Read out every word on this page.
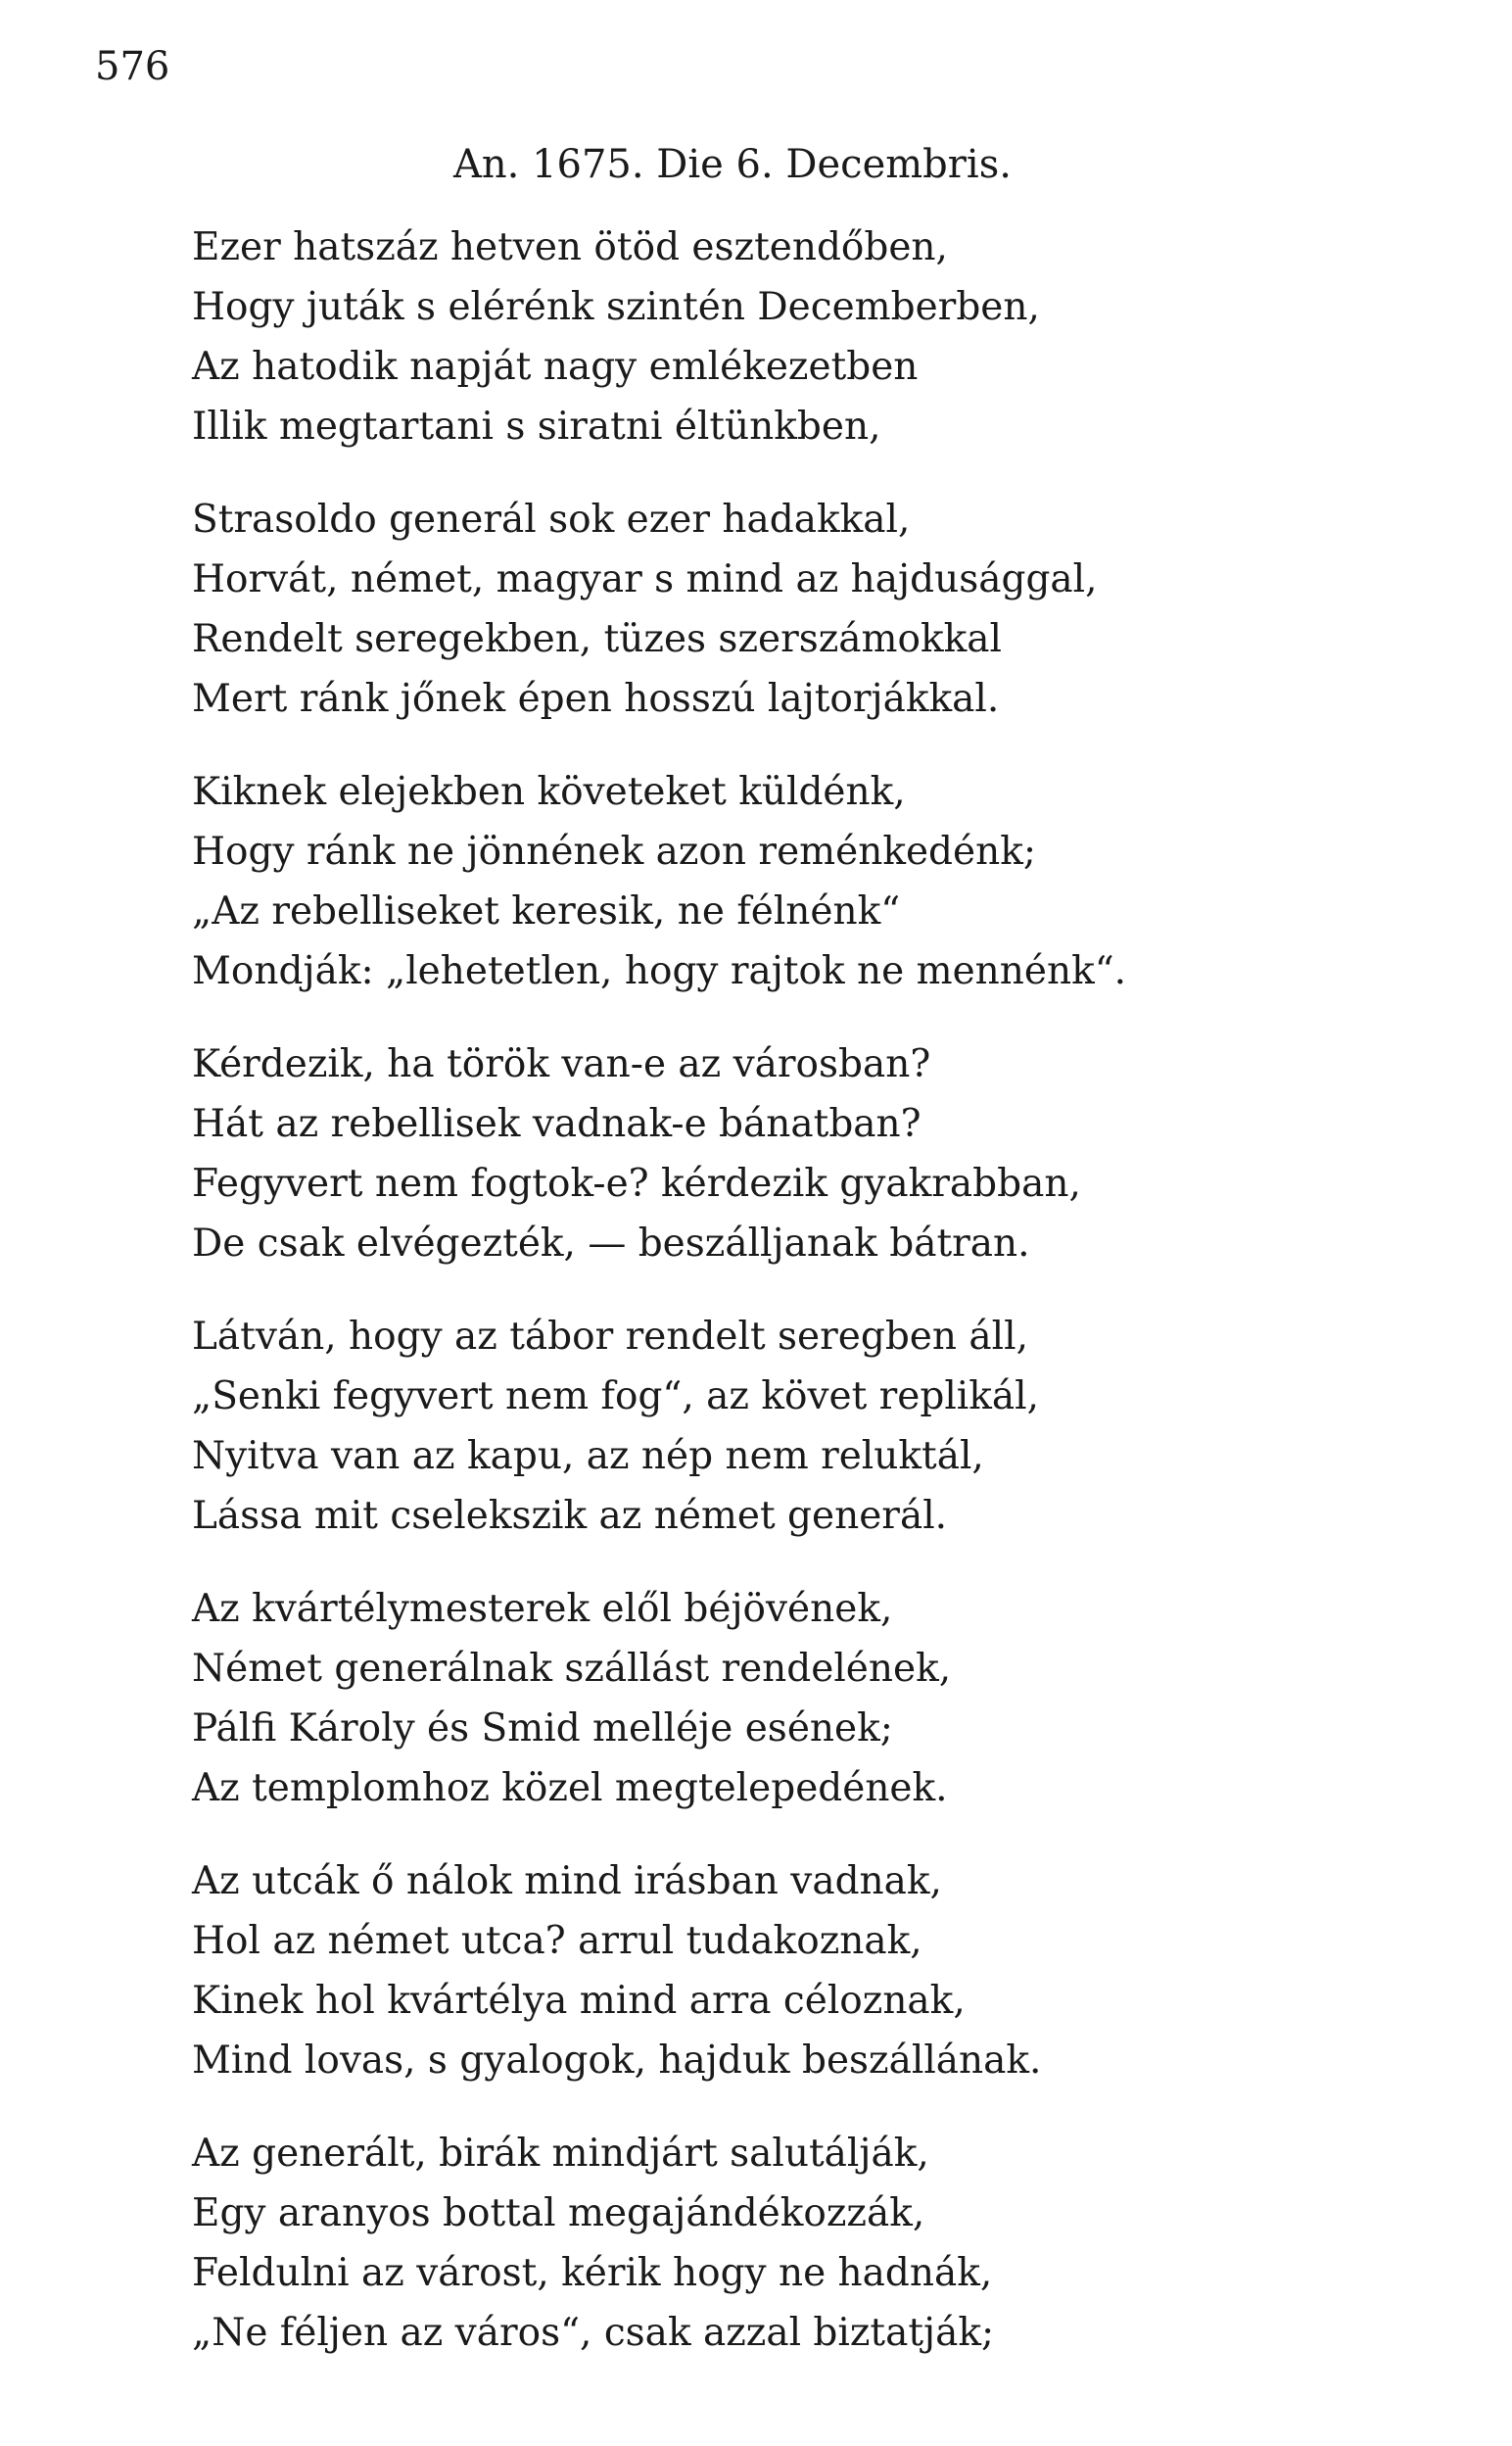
576
An. 1675. Die 6. Decembris.
Ezer hatszáz hetven ötöd esztendőben,
Hogy juták s elérénk szintén Decemberben,
Az hatodik napját nagy emlékezetben
Illik megtartani s siratni éltünkben,
Strasoldo generál sok ezer hadakkal,
Horvát, német, magyar s mind az hajdusággal,
Rendelt seregekben, tüzes szerszámokkal
Mert ránk jőnek épen hosszú lajtorjákkal.
Kiknek elejekben követeket küldénk,
Hogy ránk ne jönnének azon reménkedénk;
„Az rebelliseket keresik, ne félnénk“
Mondják: „lehetetlen, hogy rajtok ne mennénk“.
Kérdezik, ha török van-e az városban?
Hát az rebellisek vadnak-e bánatban?
Fegyvert nem fogtok-e? kérdezik gyakrabban,
De csak elvégezték, — beszálljanak bátran.
Látván, hogy az tábor rendelt seregben áll,
„Senki fegyvert nem fog“, az követ replikál,
Nyitva van az kapu, az nép nem reluktál,
Lássa mit cselekszik az német generál.
Az kvártélymesterek elől béjövének,
Német generálnak szállást rendelének,
Pálfi Károly és Smid melléje esének;
Az templomhoz közel megtelepedének.
Az utcák ő nálok mind irásban vadnak,
Hol az német utca? arrul tudakoznak,
Kinek hol kvártélya mind arra céloznak,
Mind lovas, s gyalogok, hajduk beszállának.
Az generált, birák mindjárt salutálják,
Egy aranyos bottal megajándékozzák,
Feldulni az várost, kérik hogy ne hadnák,
„Ne féljen az város“, csak azzal biztatják;
